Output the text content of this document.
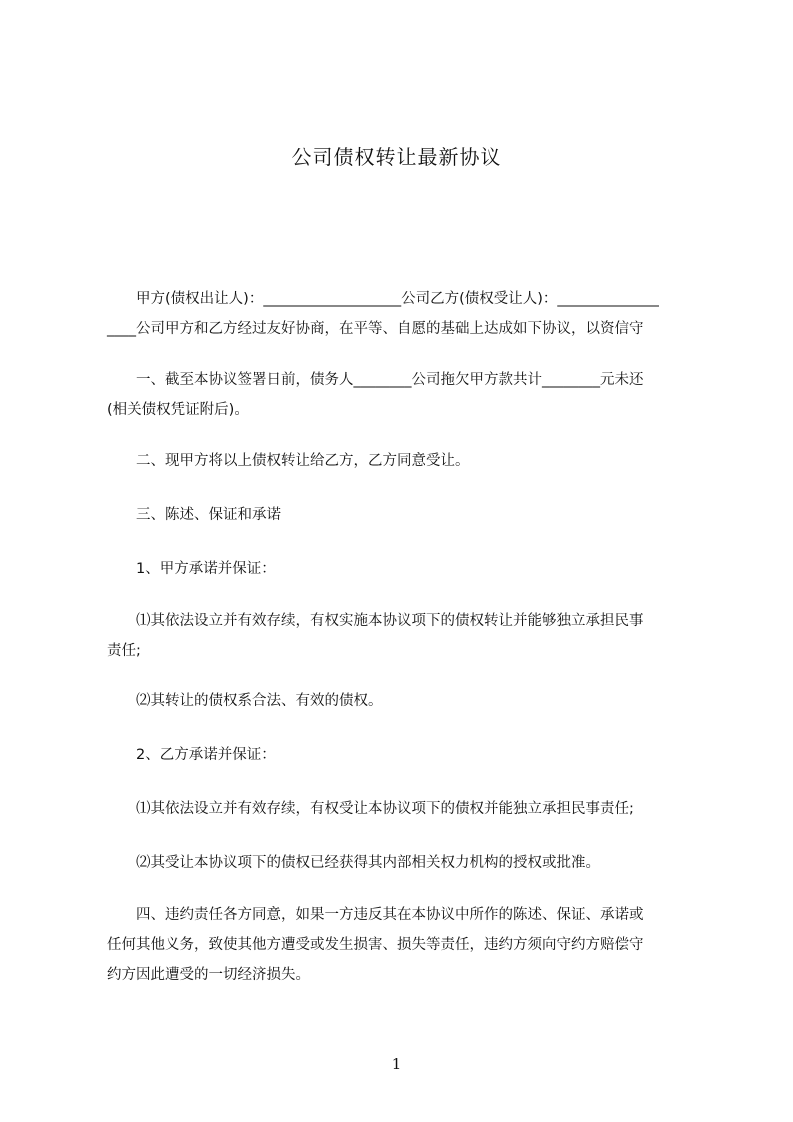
公司债权转让最新协议
　　甲方(债权出让人)：___________________公司乙方(债权受让人)：______________
____公司甲方和乙方经过友好协商，在平等、自愿的基础上达成如下协议，以资信守
　　一、截至本协议签署日前，债务人________公司拖欠甲方款共计________元未还
(相关债权凭证附后)。
　　二、现甲方将以上债权转让给乙方，乙方同意受让。
　　三、陈述、保证和承诺
　　1、甲方承诺并保证：
　　⑴其依法设立并有效存续，有权实施本协议项下的债权转让并能够独立承担民事
责任;
　　⑵其转让的债权系合法、有效的债权。
　　2、乙方承诺并保证：
　　⑴其依法设立并有效存续，有权受让本协议项下的债权并能独立承担民事责任;
　　⑵其受让本协议项下的债权已经获得其内部相关权力机构的授权或批准。
　　四、违约责任各方同意，如果一方违反其在本协议中所作的陈述、保证、承诺或
任何其他义务，致使其他方遭受或发生损害、损失等责任，违约方须向守约方赔偿守
约方因此遭受的一切经济损失。
1
